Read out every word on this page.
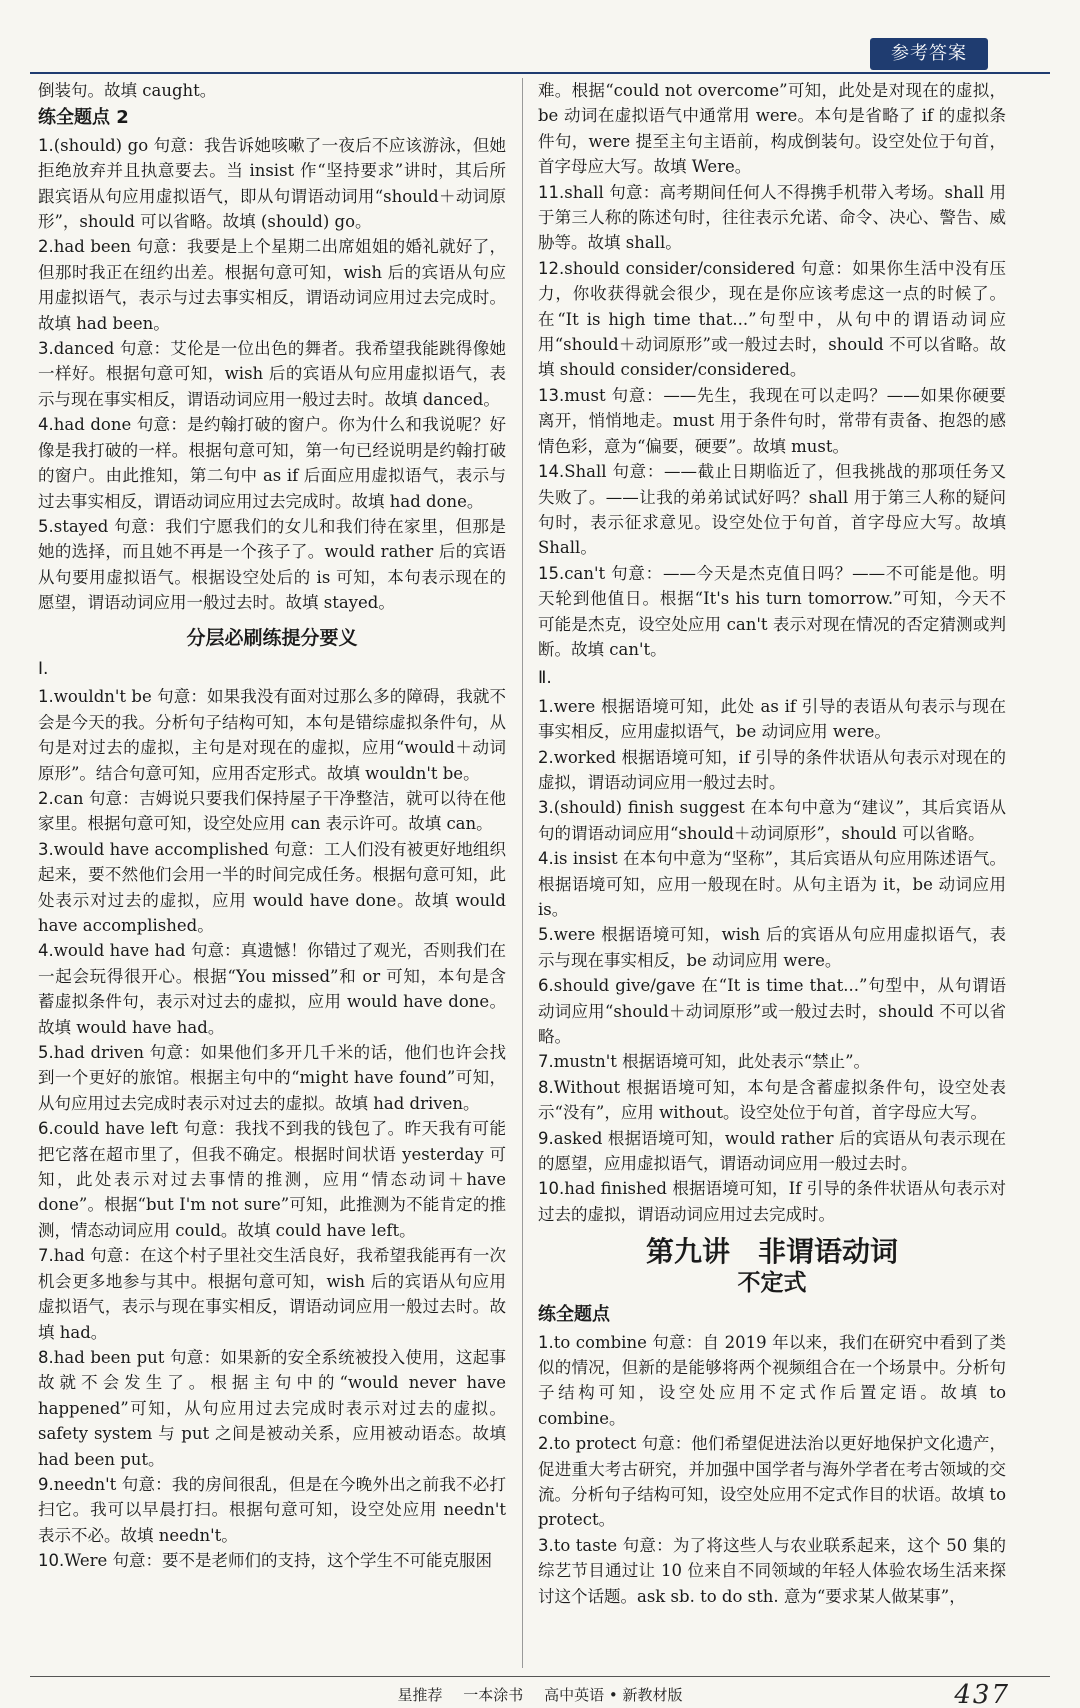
参考答案
倒装句。故填 caught。
练全题点 2
1.(should) go 句意：我告诉她咳嗽了一夜后不应该游泳，但她拒绝放弃并且执意要去。当 insist 作“坚持要求”讲时，其后所跟宾语从句应用虚拟语气，即从句谓语动词用“should＋动词原形”，should 可以省略。故填 (should) go。
2.had been 句意：我要是上个星期二出席姐姐的婚礼就好了，但那时我正在纽约出差。根据句意可知，wish 后的宾语从句应用虚拟语气，表示与过去事实相反，谓语动词应用过去完成时。故填 had been。
3.danced 句意：艾伦是一位出色的舞者。我希望我能跳得像她一样好。根据句意可知，wish 后的宾语从句应用虚拟语气，表示与现在事实相反，谓语动词应用一般过去时。故填 danced。
4.had done 句意：是约翰打破的窗户。你为什么和我说呢？好像是我打破的一样。根据句意可知，第一句已经说明是约翰打破的窗户。由此推知，第二句中 as if 后面应用虚拟语气，表示与过去事实相反，谓语动词应用过去完成时。故填 had done。
5.stayed 句意：我们宁愿我们的女儿和我们待在家里，但那是她的选择，而且她不再是一个孩子了。would rather 后的宾语从句要用虚拟语气。根据设空处后的 is 可知，本句表示现在的愿望，谓语动词应用一般过去时。故填 stayed。
分层必刷练提分要义
Ⅰ.
1.wouldn't be 句意：如果我没有面对过那么多的障碍，我就不会是今天的我。分析句子结构可知，本句是错综虚拟条件句，从句是对过去的虚拟，主句是对现在的虚拟，应用“would＋动词原形”。结合句意可知，应用否定形式。故填 wouldn't be。
2.can 句意：吉姆说只要我们保持屋子干净整洁，就可以待在他家里。根据句意可知，设空处应用 can 表示许可。故填 can。
3.would have accomplished 句意：工人们没有被更好地组织起来，要不然他们会用一半的时间完成任务。根据句意可知，此处表示对过去的虚拟，应用 would have done。故填 would have accomplished。
4.would have had 句意：真遗憾！你错过了观光，否则我们在一起会玩得很开心。根据“You missed”和 or 可知，本句是含蓄虚拟条件句，表示对过去的虚拟，应用 would have done。故填 would have had。
5.had driven 句意：如果他们多开几千米的话，他们也许会找到一个更好的旅馆。根据主句中的“might have found”可知，从句应用过去完成时表示对过去的虚拟。故填 had driven。
6.could have left 句意：我找不到我的钱包了。昨天我有可能把它落在超市里了，但我不确定。根据时间状语 yesterday 可知，此处表示对过去事情的推测，应用“情态动词＋have done”。根据“but I'm not sure”可知，此推测为不能肯定的推测，情态动词应用 could。故填 could have left。
7.had 句意：在这个村子里社交生活良好，我希望我能再有一次机会更多地参与其中。根据句意可知，wish 后的宾语从句应用虚拟语气，表示与现在事实相反，谓语动词应用一般过去时。故填 had。
8.had been put 句意：如果新的安全系统被投入使用，这起事故就不会发生了。根据主句中的“would never have happened”可知，从句应用过去完成时表示对过去的虚拟。safety system 与 put 之间是被动关系，应用被动语态。故填 had been put。
9.needn't 句意：我的房间很乱，但是在今晚外出之前我不必打扫它。我可以早晨打扫。根据句意可知，设空处应用 needn't 表示不必。故填 needn't。
10.Were 句意：要不是老师们的支持，这个学生不可能克服困
难。根据“could not overcome”可知，此处是对现在的虚拟，be 动词在虚拟语气中通常用 were。本句是省略了 if 的虚拟条件句，were 提至主句主语前，构成倒装句。设空处位于句首，首字母应大写。故填 Were。
11.shall 句意：高考期间任何人不得携手机带入考场。shall 用于第三人称的陈述句时，往往表示允诺、命令、决心、警告、威胁等。故填 shall。
12.should consider/considered 句意：如果你生活中没有压力，你收获得就会很少，现在是你应该考虑这一点的时候了。在“It is high time that...”句型中，从句中的谓语动词应用“should＋动词原形”或一般过去时，should 不可以省略。故填 should consider/considered。
13.must 句意：——先生，我现在可以走吗？——如果你硬要离开，悄悄地走。must 用于条件句时，常带有责备、抱怨的感情色彩，意为“偏要，硬要”。故填 must。
14.Shall 句意：——截止日期临近了，但我挑战的那项任务又失败了。——让我的弟弟试试好吗？shall 用于第三人称的疑问句时，表示征求意见。设空处位于句首，首字母应大写。故填 Shall。
15.can't 句意：——今天是杰克值日吗？——不可能是他。明天轮到他值日。根据“It's his turn tomorrow.”可知，今天不可能是杰克，设空处应用 can't 表示对现在情况的否定猜测或判断。故填 can't。
Ⅱ.
1.were 根据语境可知，此处 as if 引导的表语从句表示与现在事实相反，应用虚拟语气，be 动词应用 were。
2.worked 根据语境可知，if 引导的条件状语从句表示对现在的虚拟，谓语动词应用一般过去时。
3.(should) finish suggest 在本句中意为“建议”，其后宾语从句的谓语动词应用“should＋动词原形”，should 可以省略。
4.is insist 在本句中意为“坚称”，其后宾语从句应用陈述语气。根据语境可知，应用一般现在时。从句主语为 it，be 动词应用 is。
5.were 根据语境可知，wish 后的宾语从句应用虚拟语气，表示与现在事实相反，be 动词应用 were。
6.should give/gave 在“It is time that...”句型中，从句谓语动词应用“should＋动词原形”或一般过去时，should 不可以省略。
7.mustn't 根据语境可知，此处表示“禁止”。
8.Without 根据语境可知，本句是含蓄虚拟条件句，设空处表示“没有”，应用 without。设空处位于句首，首字母应大写。
9.asked 根据语境可知，would rather 后的宾语从句表示现在的愿望，应用虚拟语气，谓语动词应用一般过去时。
10.had finished 根据语境可知，If 引导的条件状语从句表示对过去的虚拟，谓语动词应用过去完成时。
第九讲　非谓语动词
不定式
练全题点
1.to combine 句意：自 2019 年以来，我们在研究中看到了类似的情况，但新的是能够将两个视频组合在一个场景中。分析句子结构可知，设空处应用不定式作后置定语。故填 to combine。
2.to protect 句意：他们希望促进法治以更好地保护文化遗产，促进重大考古研究，并加强中国学者与海外学者在考古领域的交流。分析句子结构可知，设空处应用不定式作目的状语。故填 to protect。
3.to taste 句意：为了将这些人与农业联系起来，这个 50 集的综艺节目通过让 10 位来自不同领域的年轻人体验农场生活来探讨这个话题。ask sb. to do sth. 意为“要求某人做某事”，
星推荐 一本涂书 高中英语 • 新教材版	437
